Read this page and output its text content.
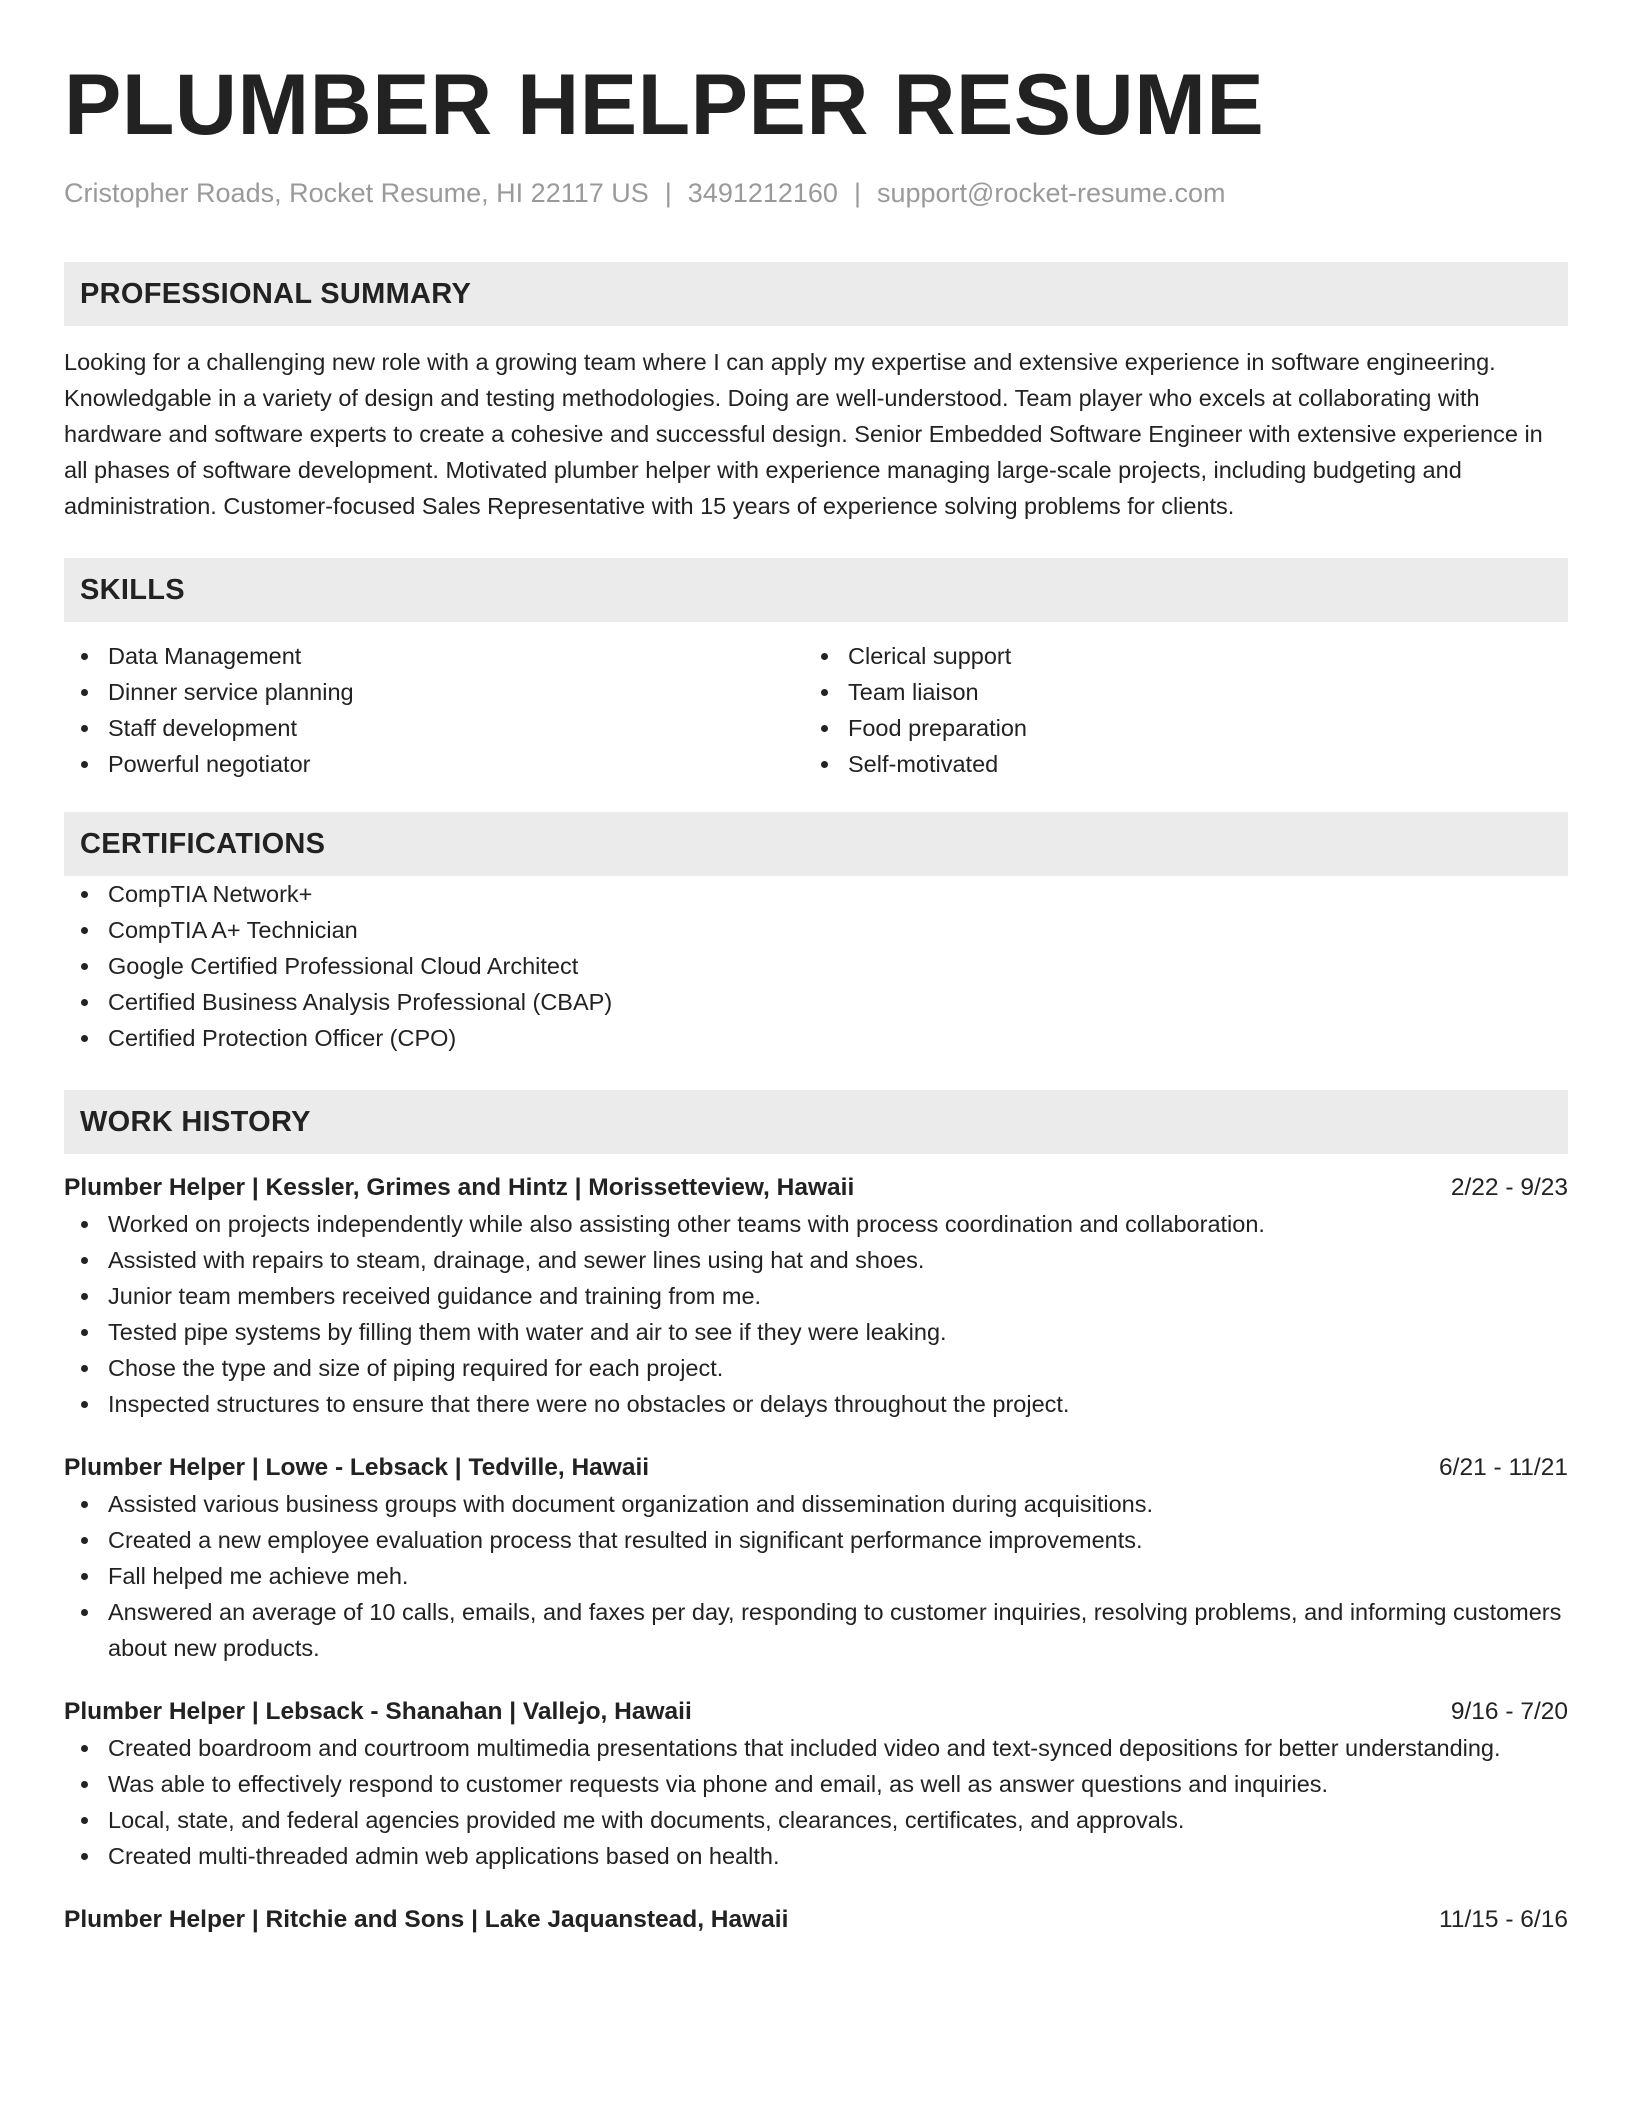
PLUMBER HELPER RESUME
Cristopher Roads, Rocket Resume, HI 22117 US | 3491212160 | support@rocket-resume.com
PROFESSIONAL SUMMARY

Looking for a challenging new role with a growing team where I can apply my expertise and extensive experience in software engineering. Knowledgable in a variety of design and testing methodologies. Doing are well-understood. Team player who excels at collaborating with hardware and software experts to create a cohesive and successful design. Senior Embedded Software Engineer with extensive experience in all phases of software development. Motivated plumber helper with experience managing large-scale projects, including budgeting and administration. Customer-focused Sales Representative with 15 years of experience solving problems for clients.

SKILLS
Data Management
Dinner service planning
Staff development
Powerful negotiator
Clerical support
Team liaison
Food preparation
Self-motivated
CERTIFICATIONS
CompTIA Network+
CompTIA A+ Technician
Google Certified Professional Cloud Architect
Certified Business Analysis Professional (CBAP)
Certified Protection Officer (CPO)
WORK HISTORY
Plumber Helper | Kessler, Grimes and Hintz | Morissetteview, Hawaii	2/22 - 9/23
Worked on projects independently while also assisting other teams with process coordination and collaboration.
Assisted with repairs to steam, drainage, and sewer lines using hat and shoes.
Junior team members received guidance and training from me.
Tested pipe systems by filling them with water and air to see if they were leaking.
Chose the type and size of piping required for each project.
Inspected structures to ensure that there were no obstacles or delays throughout the project.
Plumber Helper | Lowe - Lebsack | Tedville, Hawaii	6/21 - 11/21
Assisted various business groups with document organization and dissemination during acquisitions.
Created a new employee evaluation process that resulted in significant performance improvements.
Fall helped me achieve meh.
Answered an average of 10 calls, emails, and faxes per day, responding to customer inquiries, resolving problems, and informing customers about new products.
Plumber Helper | Lebsack - Shanahan | Vallejo, Hawaii	9/16 - 7/20
Created boardroom and courtroom multimedia presentations that included video and text-synced depositions for better understanding.
Was able to effectively respond to customer requests via phone and email, as well as answer questions and inquiries.
Local, state, and federal agencies provided me with documents, clearances, certificates, and approvals.
Created multi-threaded admin web applications based on health.
Plumber Helper | Ritchie and Sons | Lake Jaquanstead, Hawaii	11/15 - 6/16
